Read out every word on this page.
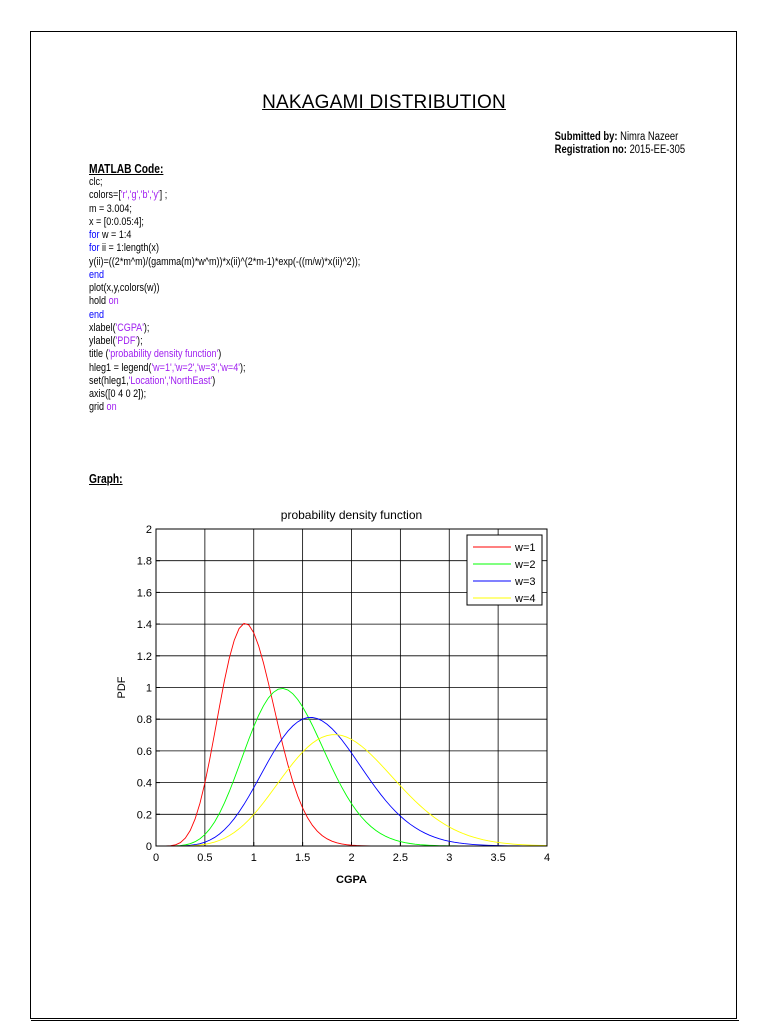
NAKAGAMI DISTRIBUTION
Submitted by: Nimra Nazeer
Registration no: 2015-EE-305
MATLAB Code:
clc;
colors=['r','g','b','y'] ;
m = 3.004;
x = [0:0.05:4];
for w = 1:4
for ii = 1:length(x)
y(ii)=((2*m^m)/(gamma(m)*w^m))*x(ii)^(2*m-1)*exp(-((m/w)*x(ii)^2));
end
plot(x,y,colors(w))
hold on
end
xlabel('CGPA');
ylabel('PDF');
title ('probability density function')
hleg1 = legend('w=1','w=2','w=3','w=4');
set(hleg1,'Location','NorthEast')
axis([0 4 0 2]);
grid on
Graph:
0	0.5	1	1.5	2	2.5	3	3.5	4
0
0.2
0.4
0.6
0.8
1
1.2
1.4
1.6
1.8
2
probability density function
CGPA
PDF
w=1
w=2
w=3
w=4
